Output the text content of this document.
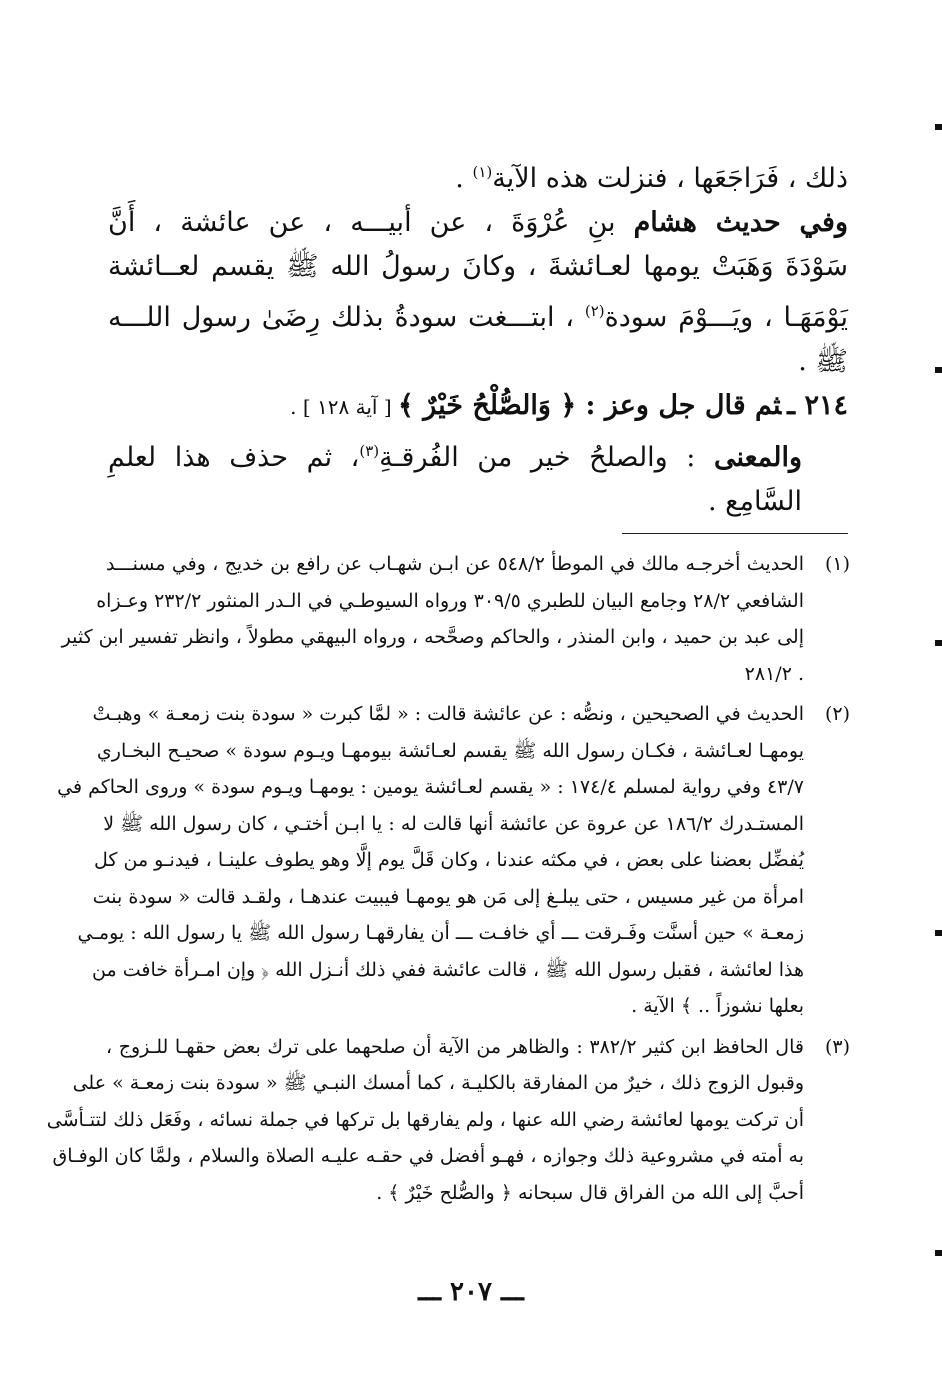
ذلك ، فَرَاجَعَها ، فنزلت هذه الآية$^{(١)}$ .
وفي حديث هشام بنِ عُرْوَةَ ، عن أبيـــه ، عن عائشة ، أَنَّ
سَوْدَةَ وَهَبَتْ يومها لعـائشةَ ، وكانَ رسولُ الله ﷺ يقسم لعــائشة
يَوْمَهَـا ، ويَـــوْمَ سودة$^{(٢)}$ ، ابتـــغت سودةُ بذلك رِضَىٰ رسول اللـــه
ﷺ .
٢١٤ ـثم قال جل وعز : ﴿ وَالصُّلْحُ خَيْرٌ ﴾ [ آية ١٢٨ ] .
والمعنى : والصلحُ خير من الفُرقـةِ$^{(٣)}$، ثم حذف هذا لعلمِ
السَّامِع .
(١)
الحديث أخرجـه مالك في الموطأ ٥٤٨/٢ عن ابـن شهـاب عن رافع بن خديج ، وفي مسنـــد
الشافعي ٢٨/٢ وجامع البيان للطبري ٣٠٩/٥ ورواه السيوطـي في الـدر المنثور ٢٣٢/٢ وعـزاه
إلى عبد بن حميد ، وابن المنذر ، والحاكم وصحَّحه ، ورواه البيهقي مطولاً ، وانظر تفسير ابن كثير
. ٢٨١/٢
(٢)
الحديث في الصحيحين ، ونصُّه : عن عائشة قالت : « لمَّا كبرت « سودة بنت زمعـة » وهبـتْ
يومهـا لعـائشة ، فكـان رسول الله ﷺ يقسم لعـائشة بيومهـا ويـوم سودة » صحيـح البخـاري
٤٣/٧ وفي رواية لمسلم ١٧٤/٤ : « يقسم لعـائشة يومين : يومهـا ويـوم سودة » وروى الحاكم في
المستـدرك ١٨٦/٢ عن عروة عن عائشة أنها قالت له : يا ابـن أختـي ، كان رسول الله ﷺ لا
يُفضِّل بعضنا على بعض ، في مكثه عندنا ، وكان قَلَّ يوم إلَّا وهو يطوف علينـا ، فيدنـو من كل
امرأة من غير مسيس ، حتى يبلـغ إلى مَن هو يومهـا فيبيت عندهـا ، ولقـد قالت « سودة بنت
زمعـة » حين أسنَّت وفَـرقت ـــ أي خافـت ـــ أن يفارقهـا رسول الله ﷺ يا رسول الله : يومـي
هذا لعائشة ، فقبل رسول الله ﷺ ، قالت عائشة ففي ذلك أنـزل الله ﴿ وإن امـرأة خافت من
بعلها نشوزاً .. ﴾ الآية .
(٣)
قال الحافظ ابن كثير ٣٨٢/٢ : والظاهر من الآية أن صلحهما على ترك بعض حقهـا للـزوج ،
وقبول الزوج ذلك ، خيرٌ من المفارقة بالكليـة ، كما أمسك النبـي ﷺ « سودة بنت زمعـة » على
أن تركت يومها لعائشة رضي الله عنها ، ولم يفارقها بل تركها في جملة نسائه ، وفَعَل ذلك لتتـأسَّى
به أمته في مشروعية ذلك وجوازه ، فهـو أفضل في حقـه عليـه الصلاة والسلام ، ولمَّا كان الوفـاق
أحبَّ إلى الله من الفراق قال سبحانه ﴿ والصُّلح خَيْرٌ ﴾ .
ـــ ٢٠٧ ـــ
